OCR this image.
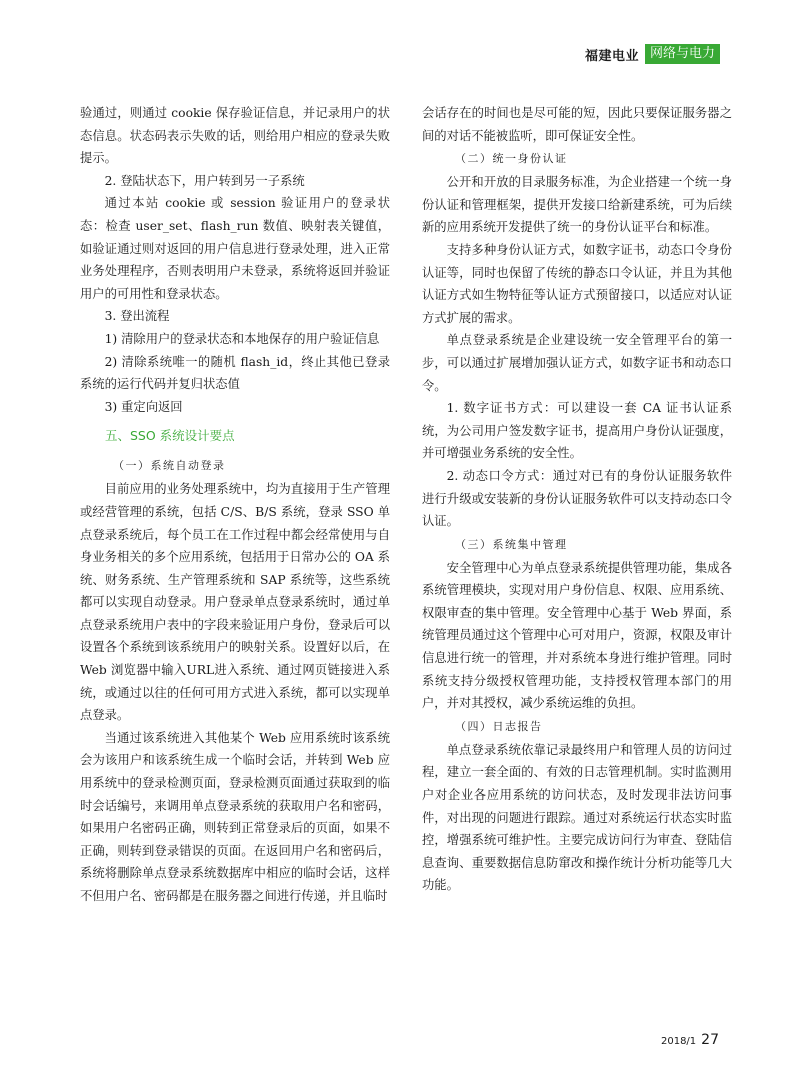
福建电业 网络与电力

验通过，则通过 cookie 保存验证信息，并记录用户的状态信息。状态码表示失败的话，则给用户相应的登录失败提示。

2. 登陆状态下，用户转到另一子系统

通过本站 cookie 或 session 验证用户的登录状态：检查 user_set、flash_run 数值、映射表关键值，如验证通过则对返回的用户信息进行登录处理，进入正常业务处理程序，否则表明用户未登录，系统将返回并验证用户的可用性和登录状态。

3. 登出流程

1) 清除用户的登录状态和本地保存的用户验证信息

2) 清除系统唯一的随机 flash_id，终止其他已登录系统的运行代码并复归状态值

3) 重定向返回

五、SSO 系统设计要点

（一）系统自动登录

目前应用的业务处理系统中，均为直接用于生产管理或经营管理的系统，包括 C/S、B/S 系统，登录 SSO 单点登录系统后，每个员工在工作过程中都会经常使用与自身业务相关的多个应用系统，包括用于日常办公的 OA 系统、财务系统、生产管理系统和 SAP 系统等，这些系统都可以实现自动登录。用户登录单点登录系统时，通过单点登录系统用户表中的字段来验证用户身份，登录后可以设置各个系统到该系统用户的映射关系。设置好以后，在 Web 浏览器中输入URL进入系统、通过网页链接进入系统，或通过以往的任何可用方式进入系统，都可以实现单点登录。

当通过该系统进入其他某个 Web 应用系统时该系统会为该用户和该系统生成一个临时会话，并转到 Web 应用系统中的登录检测页面，登录检测页面通过获取到的临时会话编号，来调用单点登录系统的获取用户名和密码，如果用户名密码正确，则转到正常登录后的页面，如果不正确，则转到登录错误的页面。在返回用户名和密码后，系统将删除单点登录系统数据库中相应的临时会话，这样不但用户名、密码都是在服务器之间进行传递，并且临时

会话存在的时间也是尽可能的短，因此只要保证服务器之间的对话不能被监听，即可保证安全性。

（二）统一身份认证

公开和开放的目录服务标准，为企业搭建一个统一身份认证和管理框架，提供开发接口给新建系统，可为后续新的应用系统开发提供了统一的身份认证平台和标准。

支持多种身份认证方式，如数字证书，动态口令身份认证等，同时也保留了传统的静态口令认证，并且为其他认证方式如生物特征等认证方式预留接口，以适应对认证方式扩展的需求。

单点登录系统是企业建设统一安全管理平台的第一步，可以通过扩展增加强认证方式，如数字证书和动态口令。

1. 数字证书方式：可以建设一套 CA 证书认证系统，为公司用户签发数字证书，提高用户身份认证强度，并可增强业务系统的安全性。

2. 动态口令方式：通过对已有的身份认证服务软件进行升级或安装新的身份认证服务软件可以支持动态口令认证。

（三）系统集中管理

安全管理中心为单点登录系统提供管理功能，集成各系统管理模块，实现对用户身份信息、权限、应用系统、权限审查的集中管理。安全管理中心基于 Web 界面，系统管理员通过这个管理中心可对用户，资源，权限及审计信息进行统一的管理，并对系统本身进行维护管理。同时系统支持分级授权管理功能，支持授权管理本部门的用户，并对其授权，减少系统运维的负担。

（四）日志报告

单点登录系统依靠记录最终用户和管理人员的访问过程，建立一套全面的、有效的日志管理机制。实时监测用户对企业各应用系统的访问状态，及时发现非法访问事件，对出现的问题进行跟踪。通过对系统运行状态实时监控，增强系统可维护性。主要完成访问行为审查、登陆信息查询、重要数据信息防窜改和操作统计分析功能等几大功能。

2018/1 27
